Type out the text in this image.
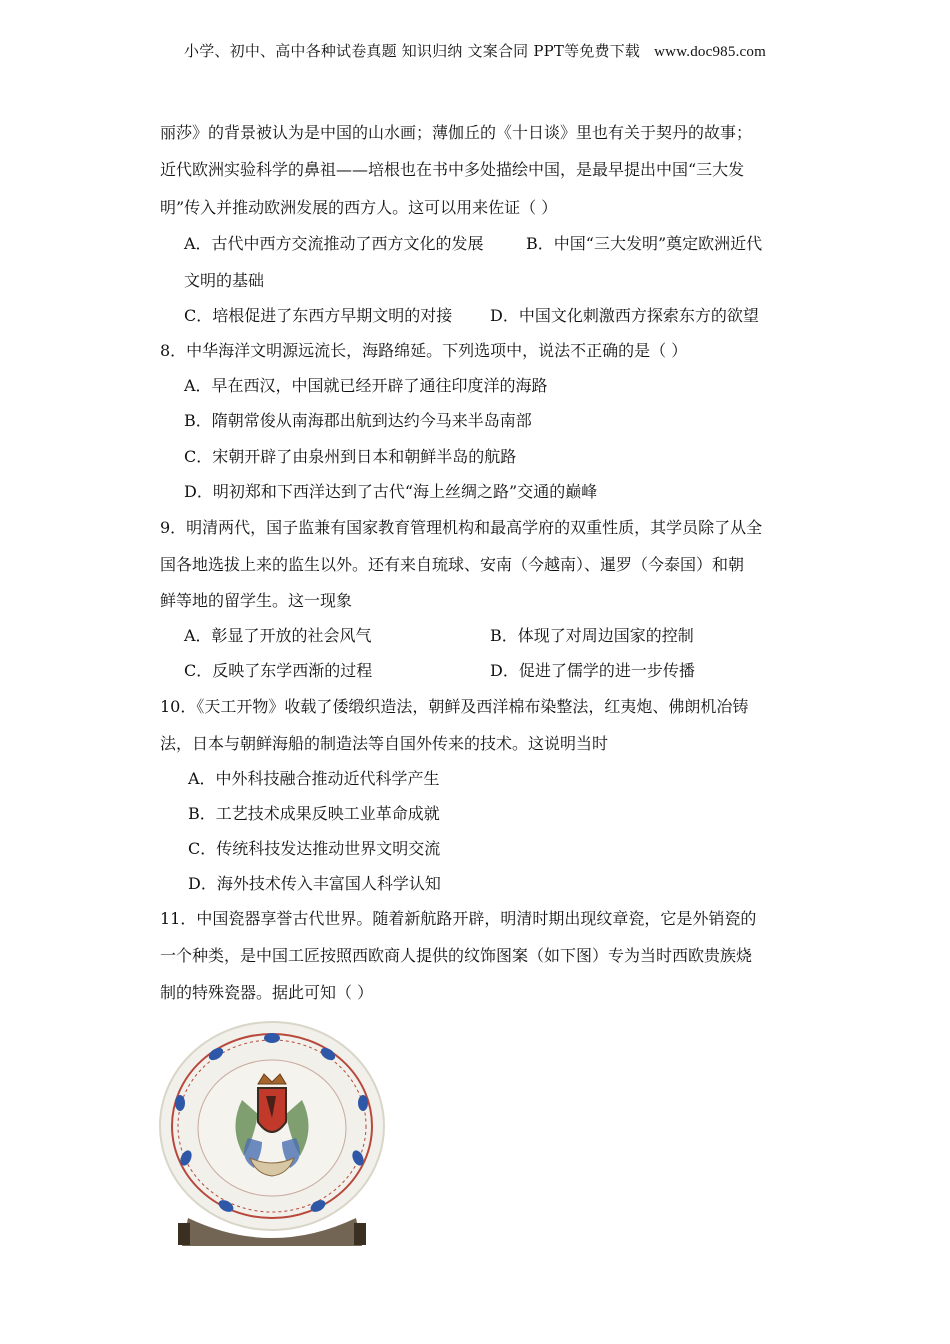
小学、初中、高中各种试卷真题 知识归纳 文案合同 PPT等免费下载 www.doc985.com
丽莎》的背景被认为是中国的山水画；薄伽丘的《十日谈》里也有关于契丹的故事；
近代欧洲实验科学的鼻祖——培根也在书中多处描绘中国，是最早提出中国“三大发
明”传入并推动欧洲发展的西方人。这可以用来佐证（ ）
A．古代中西方交流推动了西方文化的发展	B．中国“三大发明”奠定欧洲近代
文明的基础
C．培根促进了东西方早期文明的对接 D．中国文化刺激西方探索东方的欲望
8．中华海洋文明源远流长，海路绵延。下列选项中，说法不正确的是（ ）
A．早在西汉，中国就已经开辟了通往印度洋的海路
B．隋朝常俊从南海郡出航到达约今马来半岛南部
C．宋朝开辟了由泉州到日本和朝鲜半岛的航路
D．明初郑和下西洋达到了古代“海上丝绸之路”交通的巅峰
9．明清两代，国子监兼有国家教育管理机构和最高学府的双重性质，其学员除了从全
国各地选拔上来的监生以外。还有来自琉球、安南（今越南）、暹罗（今泰国）和朝
鲜等地的留学生。这一现象
A．彰显了开放的社会风气	B．体现了对周边国家的控制
C．反映了东学西渐的过程	D．促进了儒学的进一步传播
10．《天工开物》收载了倭缎织造法，朝鲜及西洋棉布染整法，红夷炮、佛朗机冶铸
法，日本与朝鲜海船的制造法等自国外传来的技术。这说明当时
A．中外科技融合推动近代科学产生
B．工艺技术成果反映工业革命成就
C．传统科技发达推动世界文明交流
D．海外技术传入丰富国人科学认知
11．中国瓷器享誉古代世界。随着新航路开辟，明清时期出现纹章瓷，它是外销瓷的
一个种类，是中国工匠按照西欧商人提供的纹饰图案（如下图）专为当时西欧贵族烧
制的特殊瓷器。据此可知（ ）
